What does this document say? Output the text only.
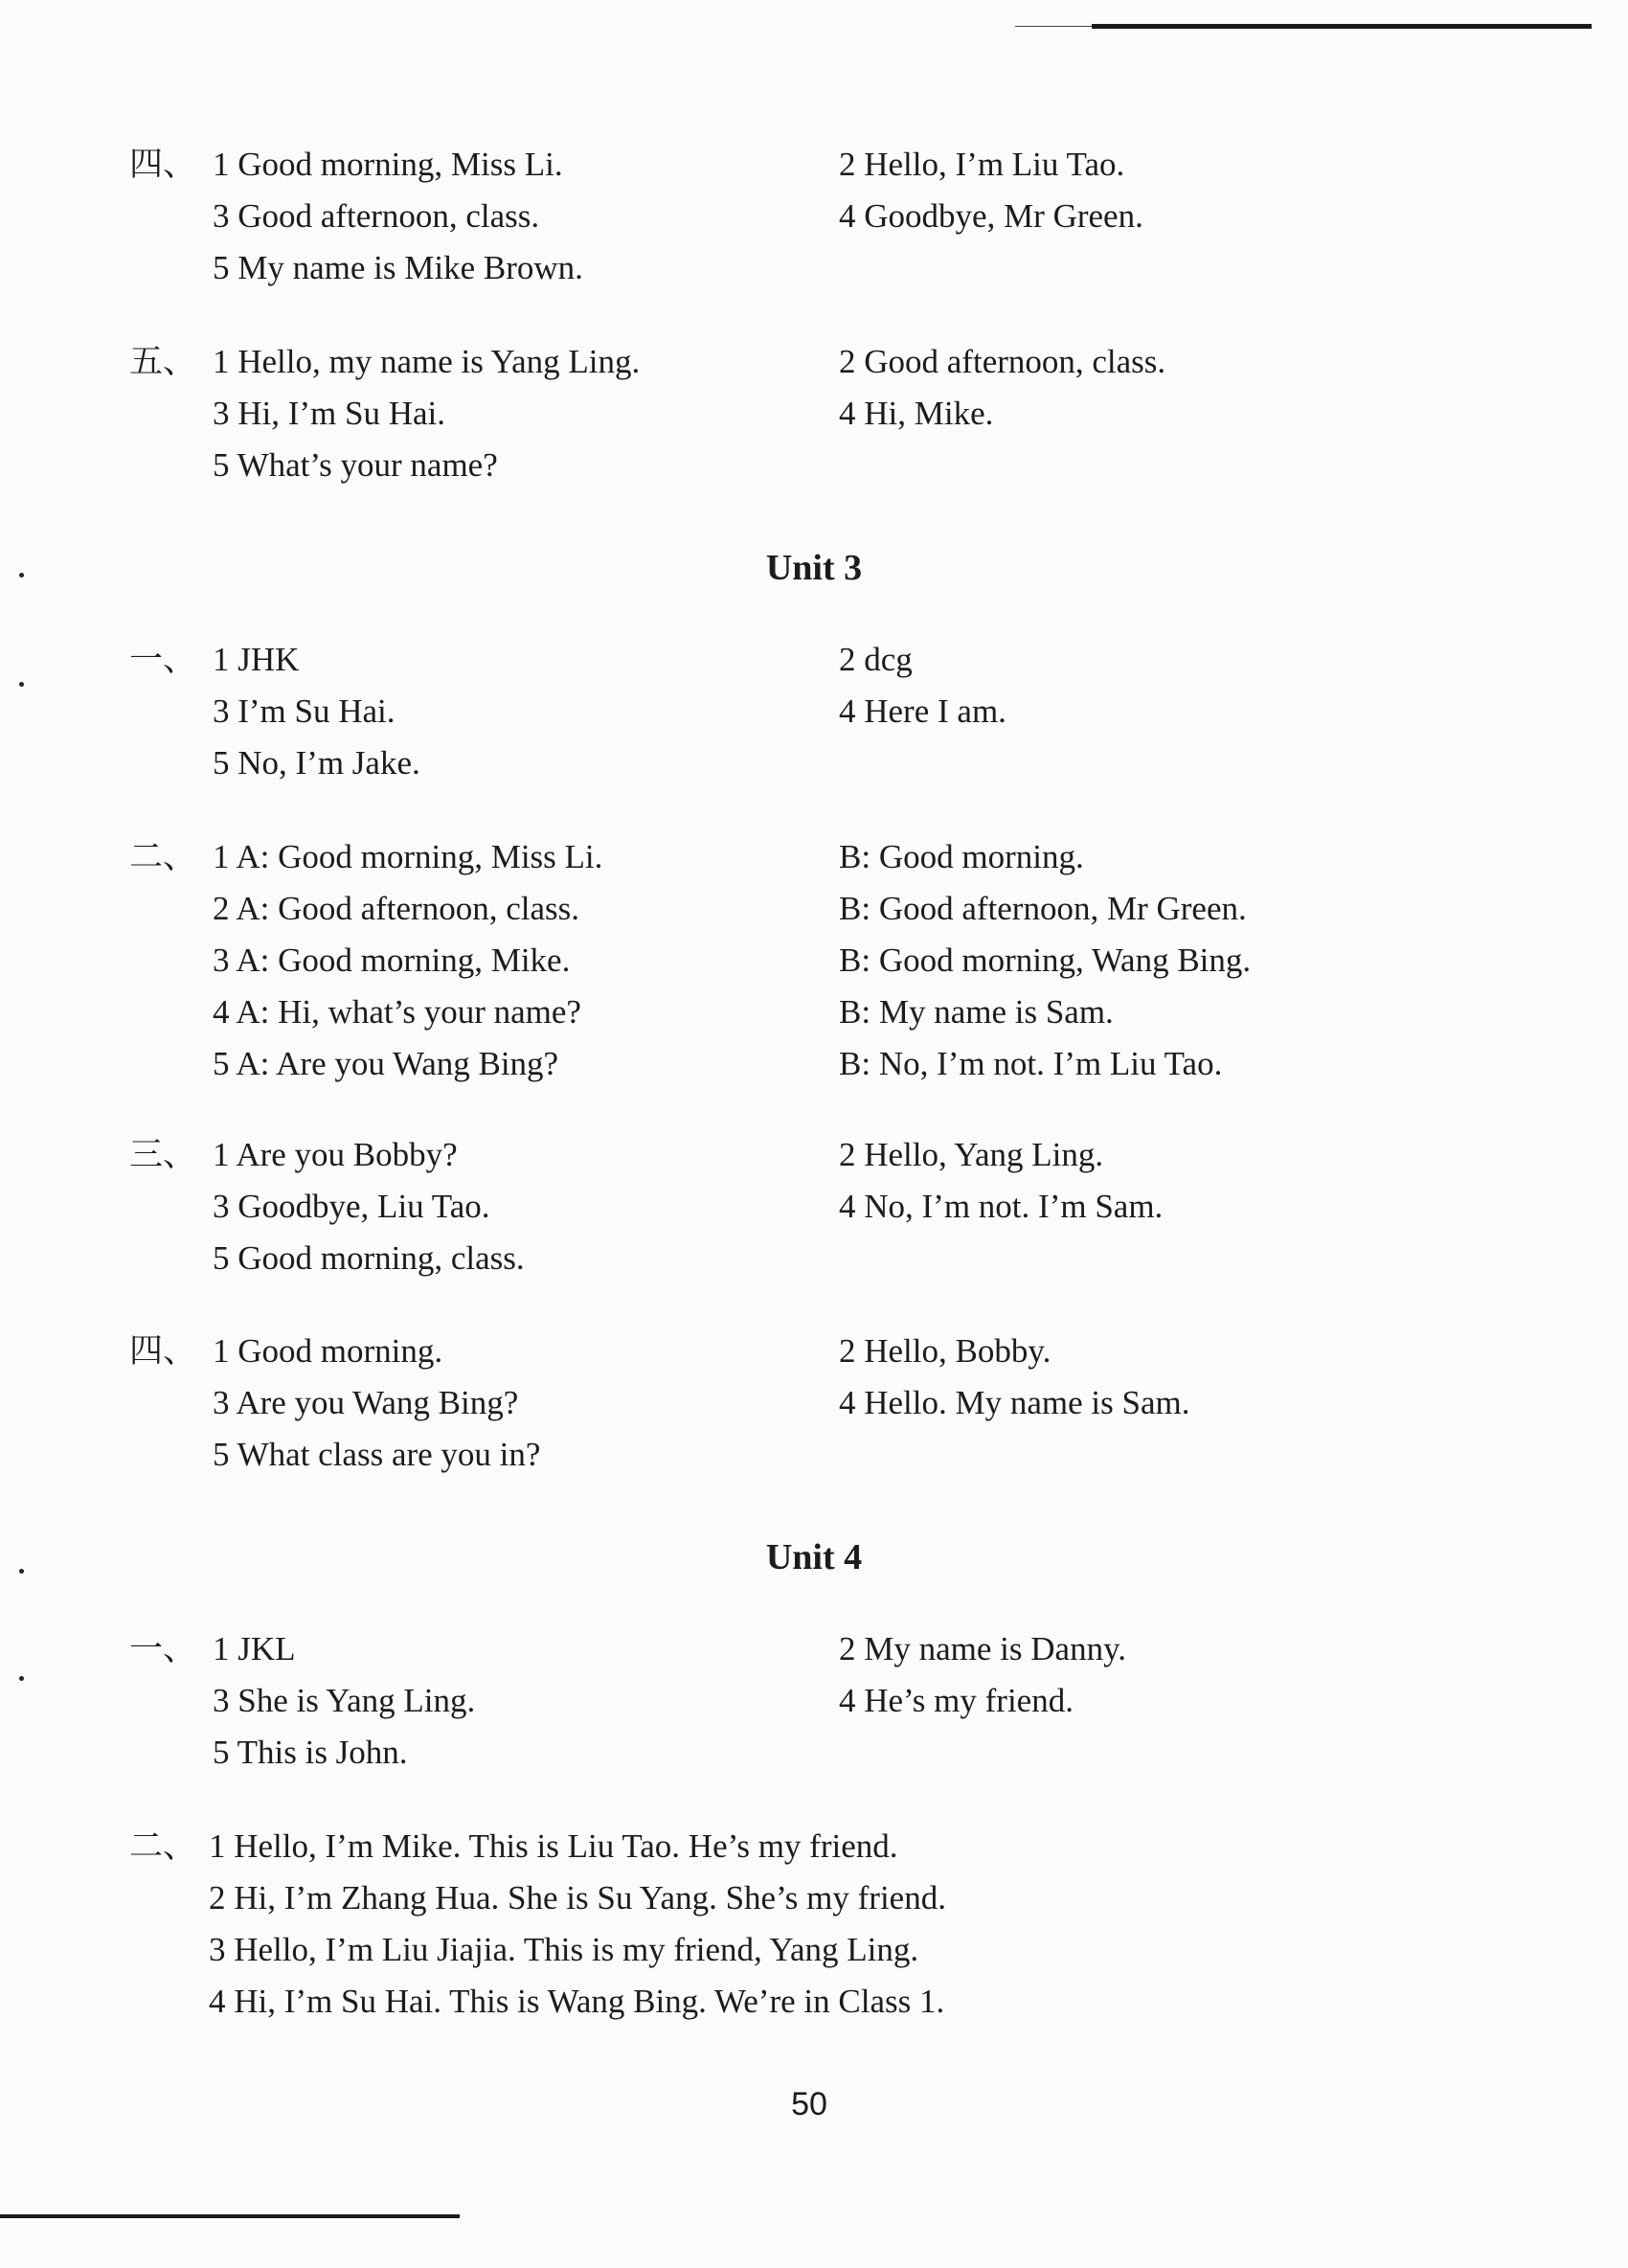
四、 1 Good morning, Miss Li.
3 Good afternoon, class.
5 My name is Mike Brown.
2 Hello, I’m Liu Tao.
4 Goodbye, Mr Green.
五、 1 Hello, my name is Yang Ling.
3 Hi, I’m Su Hai.
5 What’s your name?
2 Good afternoon, class.
4 Hi, Mike.
Unit 3
一、 1 JHK
3 I’m Su Hai.
5 No, I’m Jake.
2 dcg
4 Here I am.
二、 1 A: Good morning, Miss Li.
2 A: Good afternoon, class.
3 A: Good morning, Mike.
4 A: Hi, what’s your name?
5 A: Are you Wang Bing?
B: Good morning.
B: Good afternoon, Mr Green.
B: Good morning, Wang Bing.
B: My name is Sam.
B: No, I’m not. I’m Liu Tao.
三、 1 Are you Bobby?
3 Goodbye, Liu Tao.
5 Good morning, class.
2 Hello, Yang Ling.
4 No, I’m not. I’m Sam.
四、 1 Good morning.
3 Are you Wang Bing?
5 What class are you in?
2 Hello, Bobby.
4 Hello. My name is Sam.
Unit 4
一、 1 JKL
3 She is Yang Ling.
5 This is John.
2 My name is Danny.
4 He’s my friend.
二、 1 Hello, I’m Mike. This is Liu Tao. He’s my friend.
2 Hi, I’m Zhang Hua. She is Su Yang. She’s my friend.
3 Hello, I’m Liu Jiajia. This is my friend, Yang Ling.
4 Hi, I’m Su Hai. This is Wang Bing. We’re in Class 1.
50
